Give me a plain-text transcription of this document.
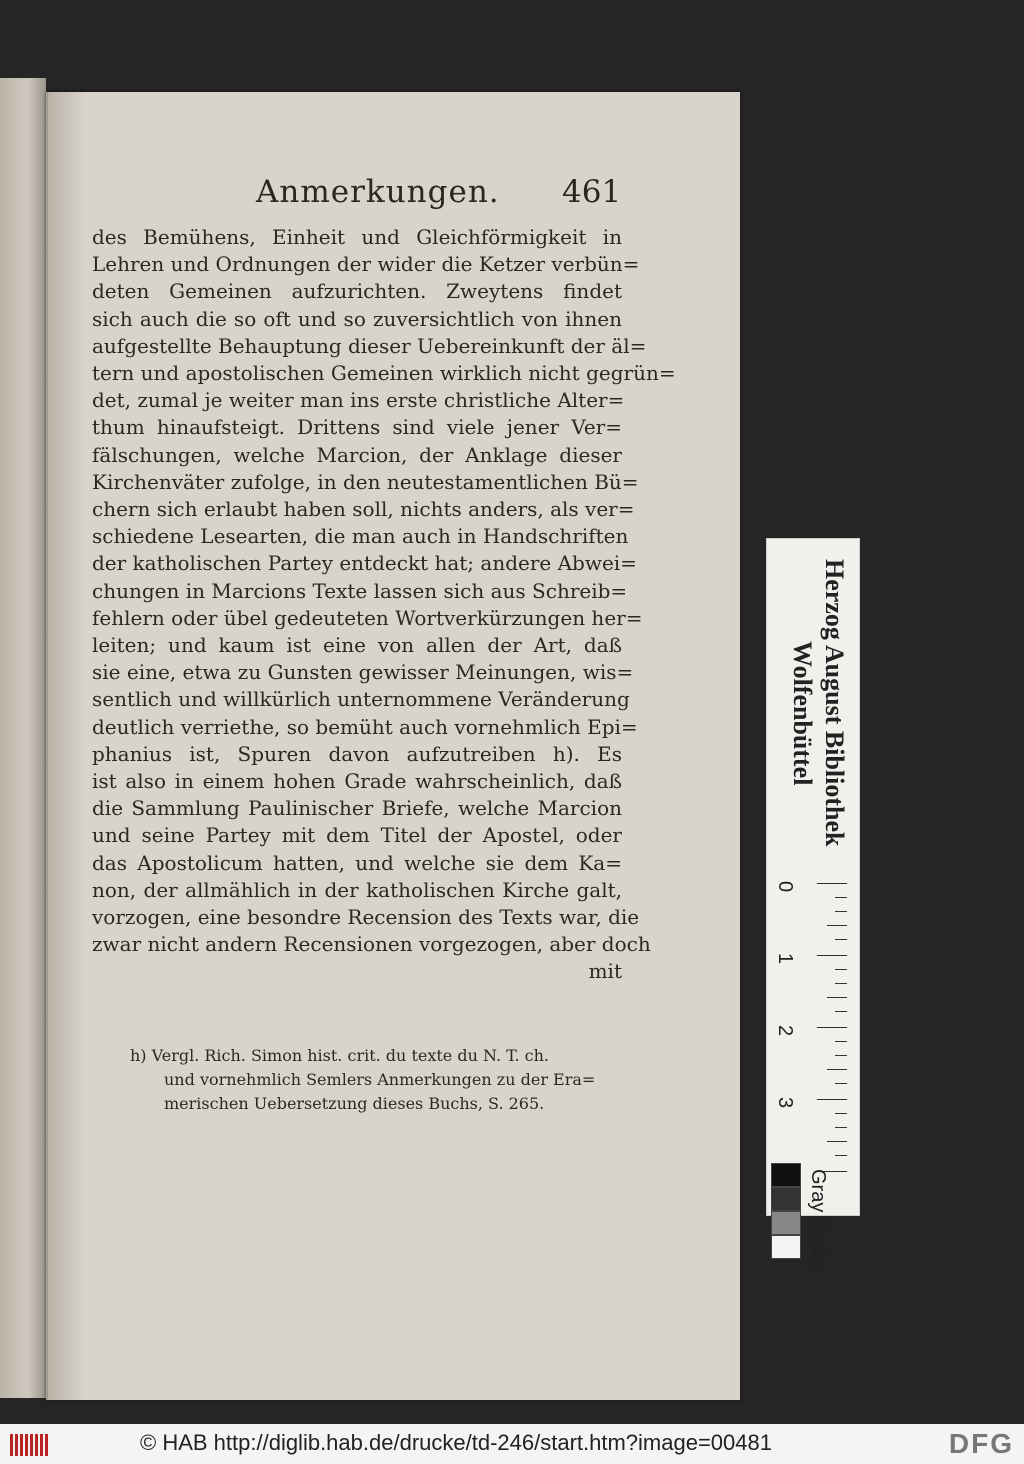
Anmerkungen. 461
des Bemühens, Einheit und Gleichförmigkeit in
Lehren und Ordnungen der wider die Ketzer verbün=
deten Gemeinen aufzurichten. Zweytens findet
sich auch die so oft und so zuversichtlich von ihnen
aufgestellte Behauptung dieser Uebereinkunft der äl=
tern und apostolischen Gemeinen wirklich nicht gegrün=
det, zumal je weiter man ins erste christliche Alter=
thum hinaufsteigt. Drittens sind viele jener Ver=
fälschungen, welche Marcion, der Anklage dieser
Kirchenväter zufolge, in den neutestamentlichen Bü=
chern sich erlaubt haben soll, nichts anders, als ver=
schiedene Lesearten, die man auch in Handschriften
der katholischen Partey entdeckt hat; andere Abwei=
chungen in Marcions Texte lassen sich aus Schreib=
fehlern oder übel gedeuteten Wortverkürzungen her=
leiten; und kaum ist eine von allen der Art, daß
sie eine, etwa zu Gunsten gewisser Meinungen, wis=
sentlich und willkürlich unternommene Veränderung
deutlich verriethe, so bemüht auch vornehmlich Epi=
phanius ist, Spuren davon aufzutreiben h). Es
ist also in einem hohen Grade wahrscheinlich, daß
die Sammlung Paulinischer Briefe, welche Marcion
und seine Partey mit dem Titel der Apostel, oder
das Apostolicum hatten, und welche sie dem Ka=
non, der allmählich in der katholischen Kirche galt,
vorzogen, eine besondre Recension des Texts war, die
zwar nicht andern Recensionen vorgezogen, aber doch
mit
h) Vergl. Rich. Simon hist. crit. du texte du N. T. ch.
und vornehmlich Semlers Anmerkungen zu der Era=
merischen Uebersetzung dieses Buchs, S. 265.
Herzog August Bibliothek
Wolfenbüttel
0
1
2
3
Gray Scale
© HAB http://diglib.hab.de/drucke/td-246/start.htm?image=00481	DFG
